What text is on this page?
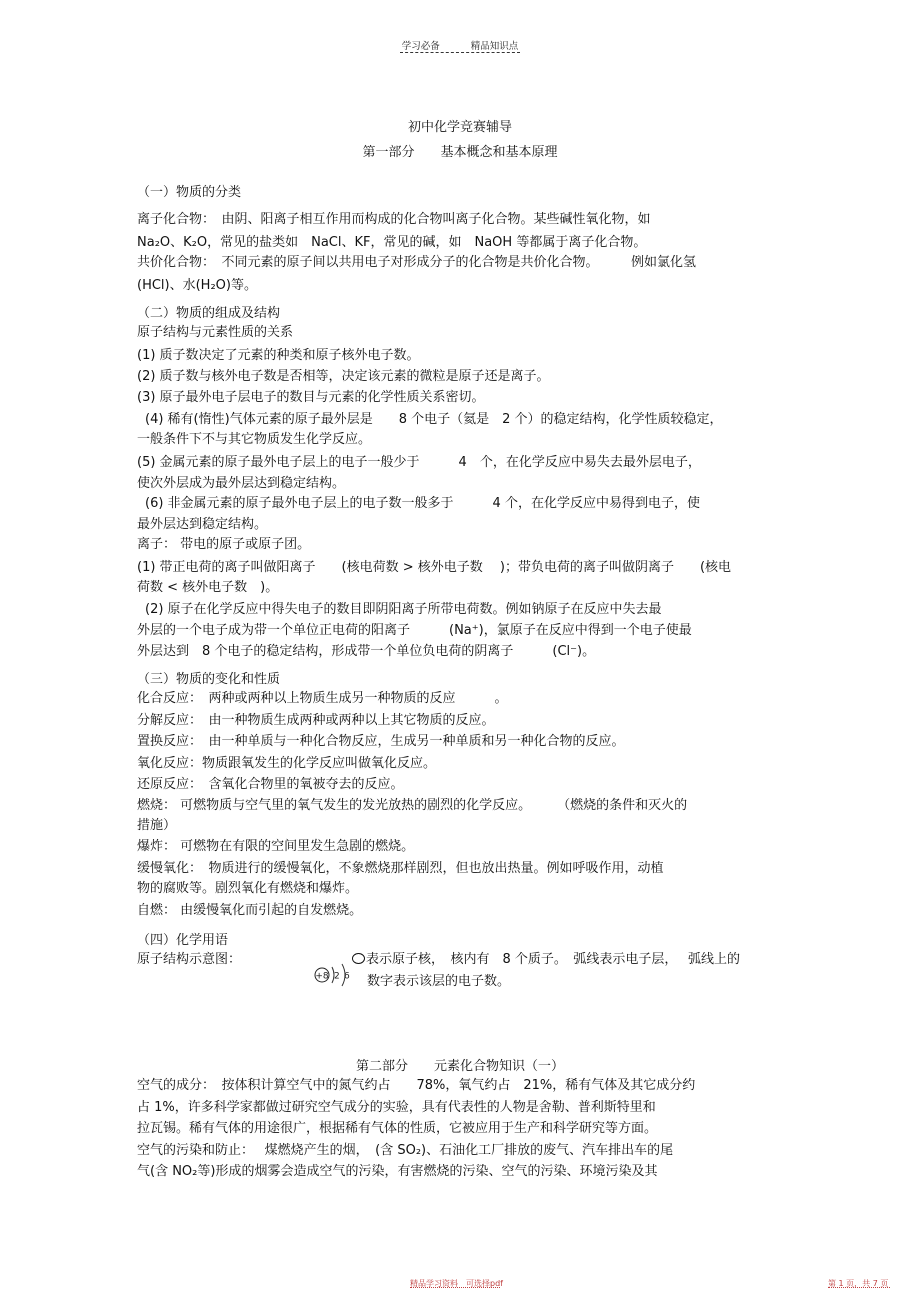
学习必备	精品知识点
初中化学竞赛辅导
第一部分　　基本概念和基本原理
（一）物质的分类
离子化合物：　由阴、阳离子相互作用而构成的化合物叫离子化合物。某些碱性氧化物，如
Na₂O、K₂O，常见的盐类如　NaCl、KF，常见的碱，如　NaOH 等都属于离子化合物。
共价化合物：　不同元素的原子间以共用电子对形成分子的化合物是共价化合物。　　　例如氯化氢
(HCl)、水(H₂O)等。
（二）物质的组成及结构
原子结构与元素性质的关系
(1) 质子数决定了元素的种类和原子核外电子数。
(2) 质子数与核外电子数是否相等，决定该元素的微粒是原子还是离子。
(3) 原子最外电子层电子的数目与元素的化学性质关系密切。
(4) 稀有(惰性)气体元素的原子最外层是　　8 个电子（氦是　2 个）的稳定结构，化学性质较稳定，
一般条件下不与其它物质发生化学反应。
(5) 金属元素的原子最外电子层上的电子一般少于　　　4　个，在化学反应中易失去最外层电子，
使次外层成为最外层达到稳定结构。
(6) 非金属元素的原子最外电子层上的电子数一般多于　　　4 个，在化学反应中易得到电子，使
最外层达到稳定结构。
离子： 带电的原子或原子团。
(1) 带正电荷的离子叫做阳离子　　(核电荷数 > 核外电子数　 )；带负电荷的离子叫做阴离子　　(核电
荷数 < 核外电子数　)。
(2) 原子在化学反应中得失电子的数目即阴阳离子所带电荷数。例如钠原子在反应中失去最
外层的一个电子成为带一个单位正电荷的阳离子　　　(Na⁺)，氯原子在反应中得到一个电子使最
外层达到　8 个电子的稳定结构，形成带一个单位负电荷的阴离子　　　(Cl⁻)。
（三）物质的变化和性质
化合反应：　两种或两种以上物质生成另一种物质的反应　　　。
分解反应：　由一种物质生成两种或两种以上其它物质的反应。
置换反应：　由一种单质与一种化合物反应，生成另一种单质和另一种化合物的反应。
氧化反应：物质跟氧发生的化学反应叫做氧化反应。
还原反应：　含氧化合物里的氧被夺去的反应。
燃烧： 可燃物质与空气里的氧气发生的发光放热的剧烈的化学反应。　　　（燃烧的条件和灭火的
措施）
爆炸： 可燃物在有限的空间里发生急剧的燃烧。
缓慢氧化：　物质进行的缓慢氧化，不象燃烧那样剧烈，但也放出热量。例如呼吸作用，动植
物的腐败等。剧烈氧化有燃烧和爆炸。
自燃： 由缓慢氧化而引起的自发燃烧。
（四）化学用语
原子结构示意图：	表示原子核，　核内有　8 个质子。　弧线表示电子层，　 弧线上的
数字表示该层的电子数。
+8 2 6
第二部分　　元素化合物知识（一）
空气的成分：　按体积计算空气中的氮气约占　　78%，氧气约占　21%，稀有气体及其它成分约
占 1%，许多科学家都做过研究空气成分的实验，具有代表性的人物是舍勒、普利斯特里和
拉瓦锡。稀有气体的用途很广，根据稀有气体的性质，它被应用于生产和科学研究等方面。
空气的污染和防止：　 煤燃烧产生的烟，　(含 SO₂)、石油化工厂排放的废气、汽车排出车的尾
气(含 NO₂等)形成的烟雾会造成空气的污染，有害燃烧的污染、空气的污染、环境污染及其
精品学习资料　可选择pdf	第 1 页，共 7 页
